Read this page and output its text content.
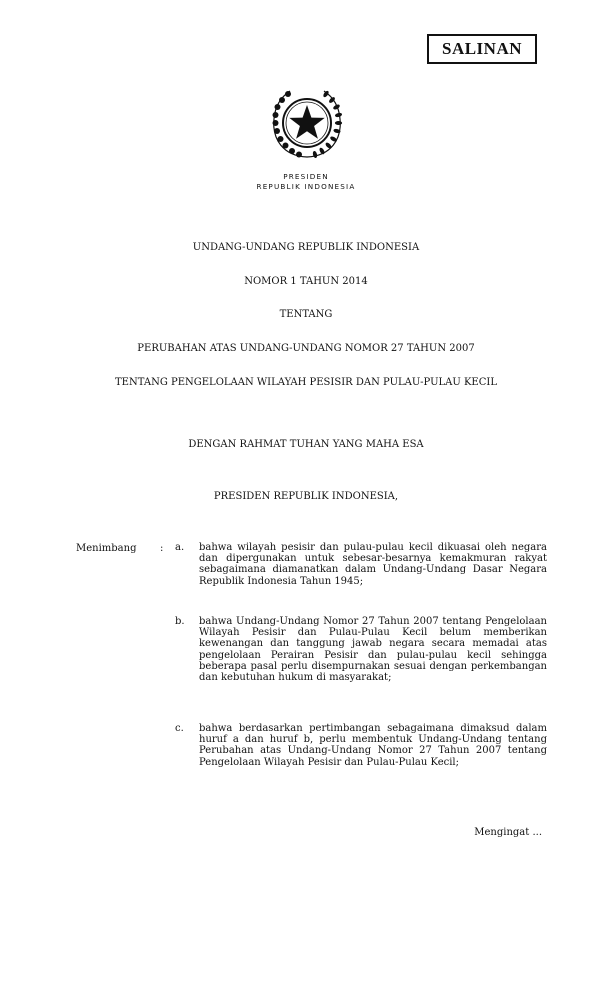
SALINAN
PRESIDEN
REPUBLIK INDONESIA
UNDANG-UNDANG REPUBLIK INDONESIA
NOMOR 1 TAHUN 2014
TENTANG
PERUBAHAN ATAS UNDANG-UNDANG NOMOR 27 TAHUN 2007
TENTANG PENGELOLAAN WILAYAH PESISIR DAN PULAU-PULAU KECIL
DENGAN RAHMAT TUHAN YANG MAHA ESA
PRESIDEN REPUBLIK INDONESIA,
Menimbang : a.	bahwa wilayah pesisir dan pulau-pulau kecil dikuasai oleh negara dan dipergunakan untuk sebesar-besarnya kemakmuran rakyat sebagaimana diamanatkan dalam Undang-Undang Dasar Negara Republik Indonesia Tahun 1945;
b.	bahwa Undang-Undang Nomor 27 Tahun 2007 tentang Pengelolaan Wilayah Pesisir dan Pulau-Pulau Kecil belum memberikan kewenangan dan tanggung jawab negara secara memadai atas pengelolaan Perairan Pesisir dan pulau-pulau kecil sehingga beberapa pasal perlu disempurnakan sesuai dengan perkembangan dan kebutuhan hukum di masyarakat;
c.	bahwa berdasarkan pertimbangan sebagaimana dimaksud dalam huruf a dan huruf b, perlu membentuk Undang-Undang tentang Perubahan atas Undang-Undang Nomor 27 Tahun 2007 tentang Pengelolaan Wilayah Pesisir dan Pulau-Pulau Kecil;
Mengingat ...
